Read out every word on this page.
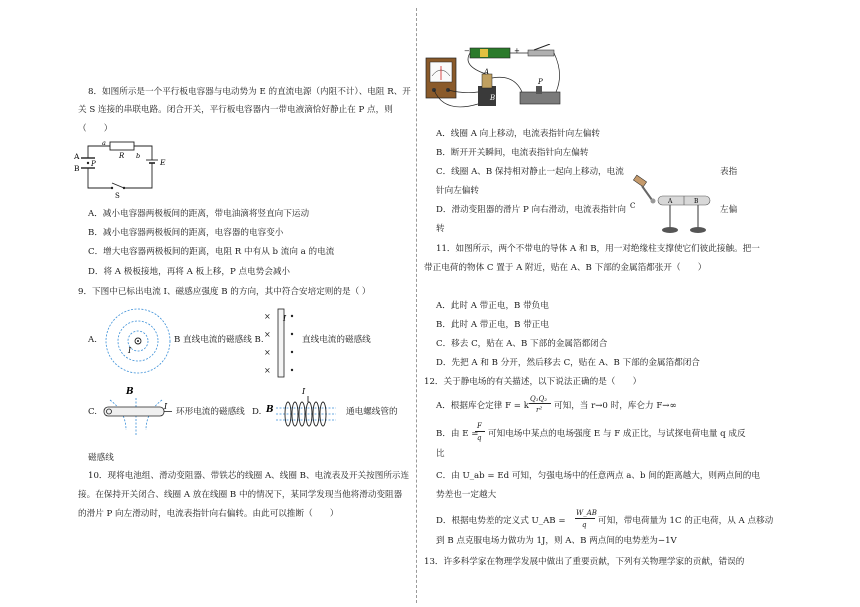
8．如图所示是一个平行板电容器与电动势为 E 的直流电源（内阻不计）、电阻 R、开
关 S 连接的串联电路。闭合开关，平行板电容器内一带电液滴恰好静止在 P 点，则
（　　）
A
B P
a
R b
E
S
A．减小电容器两极板间的距离，带电油滴将竖直向下运动
B．减小电容器两极板间的距离，电容器的电容变小
C．增大电容器两极板间的距离，电阻 R 中有从 b 流向 a 的电流
D．将 A 极板接地，再将 A 板上移，P 点电势会减小
9．下图中已标出电流 I、磁感应强度 B 的方向，其中符合安培定则的是（ ）
A.
I
B 直线电流的磁感线 B.
×
×
×
×
I
直线电流的磁感线
C.
B
I
环形电流的磁感线 D. B
I
通电螺线管的
磁感线
10．现将电池组、滑动变阻器、带铁芯的线圈 A、线圈 B、电流表及开关按图所示连
接。在保持开关闭合、线圈 A 放在线圈 B 中的情况下，某同学发现当他将滑动变阻器
的滑片 P 向左滑动时，电流表指针向右偏转。由此可以推断（　　）
+
−
A
B
P
A．线圈 A 向上移动，电流表指针向左偏转
B．断开开关瞬间，电流表指针向左偏转
C．线圈 A、B 保持相对静止一起向上移动，电流	表指
针向左偏转
D．滑动变阻器的滑片 P 向右滑动，电流表指针向	左偏
转
C
A	B
11．如图所示，两个不带电的导体 A 和 B，用一对绝缘柱支撑使它们彼此接触。把一
带正电荷的物体 C 置于 A 附近，贴在 A、B 下部的金属箔都张开（　　）
A．此时 A 带正电，B 带负电
B．此时 A 带正电，B 带正电
C．移去 C，贴在 A、B 下部的金属箔都闭合
D．先把 A 和 B 分开，然后移去 C，贴在 A、B 下部的金属箔都闭合
12．关于静电场的有关描述，以下说法正确的是（　　）
A．根据库仑定律 F = k
Q₁Q₂
r² 可知，当 r→0 时，库仑力 F→∞
B．由 E =
F
q 可知电场中某点的电场强度 E 与 F 成正比，与试探电荷电量 q 成反
比
C．由 U_ab = Ed 可知，匀强电场中的任意两点 a、b 间的距离越大，则两点间的电
势差也一定越大
D．根据电势差的定义式 U_AB =
W_AB
q 可知，带电荷量为 1C 的正电荷，从 A 点移动
到 B 点克服电场力做功为 1J，则 A、B 两点间的电势差为−1V
13．许多科学家在物理学发展中做出了重要贡献，下列有关物理学家的贡献，错误的
